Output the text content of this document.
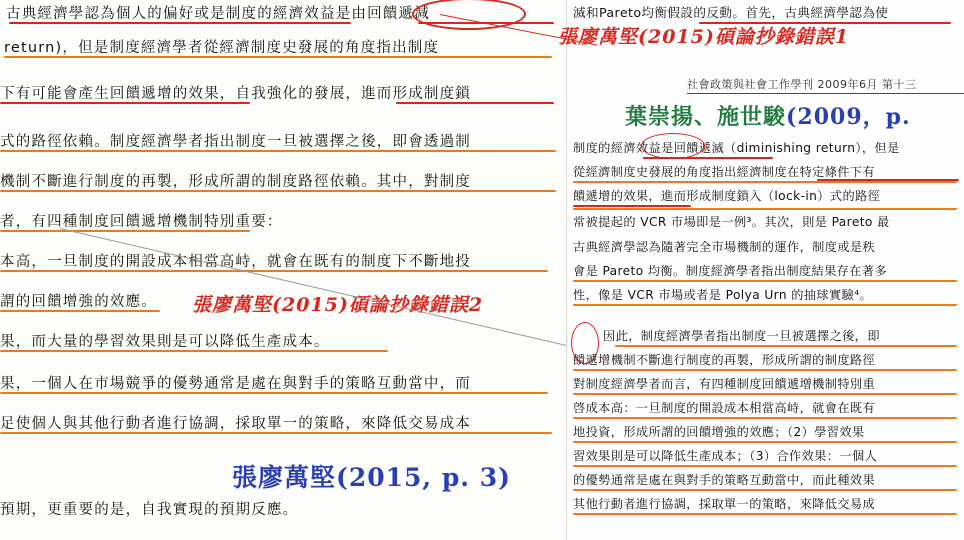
古典經濟學認為個人的偏好或是制度的經濟效益是由回饋遞減
return)，但是制度經濟學者從經濟制度史發展的角度指出制度
下有可能會產生回饋遞增的效果，自我強化的發展，進而形成制度鎖
式的路徑依賴。制度經濟學者指出制度一旦被選擇之後，即會透過制
機制不斷進行制度的再製，形成所謂的制度路徑依賴。其中，對制度
者，有四種制度回饋遞增機制特別重要：
本高，一旦制度的開設成本相當高峙，就會在既有的制度下不斷地投
謂的回饋增強的效應。
果，而大量的學習效果則是可以降低生產成本。
果，一個人在市場競爭的優勢通常是處在與對手的策略互動當中，而
足使個人與其他行動者進行協調，採取單一的策略，來降低交易成本
張廖萬堅(2015, p. 3)
預期，更重要的是，自我實現的預期反應。
張廖萬堅(2015)碩論抄錄錯誤2
滅和Pareto均衡假設的反動。首先，古典經濟學認為使
社會政策與社會工作學刊 2009年6月 第十三
葉崇揚、施世駿(2009，p.
制度的經濟效益是回饋遞滅（diminishing return），但是
從經濟制度史發展的角度指出經濟制度在特定條件下有
饋遞增的效果，進而形成制度鎖入（lock-in）式的路徑
常被提起的 VCR 市場即是一例³。其次，則是 Pareto 最
古典經濟學認為隨著完全市場機制的運作，制度或是秩
會是 Pareto 均衡。制度經濟學者指出制度結果存在著多
性，像是 VCR 市場或者是 Polya Urn 的抽球實驗⁴。
因此，制度經濟學者指出制度一旦被選擇之後，即
饋遞增機制不斷進行制度的再製，形成所謂的制度路徑
對制度經濟學者而言，有四種制度回饋遞增機制特別重
啓成本高：一旦制度的開設成本相當高峙，就會在既有
地投資，形成所謂的回饋增強的效應；（2）學習效果
習效果則是可以降低生產成本；（3）合作效果：一個人
的優勢通常是處在與對手的策略互動當中，而此種效果
其他行動者進行協調，採取單一的策略，來降低交易成
張廖萬堅(2015)碩論抄錄錯誤1
